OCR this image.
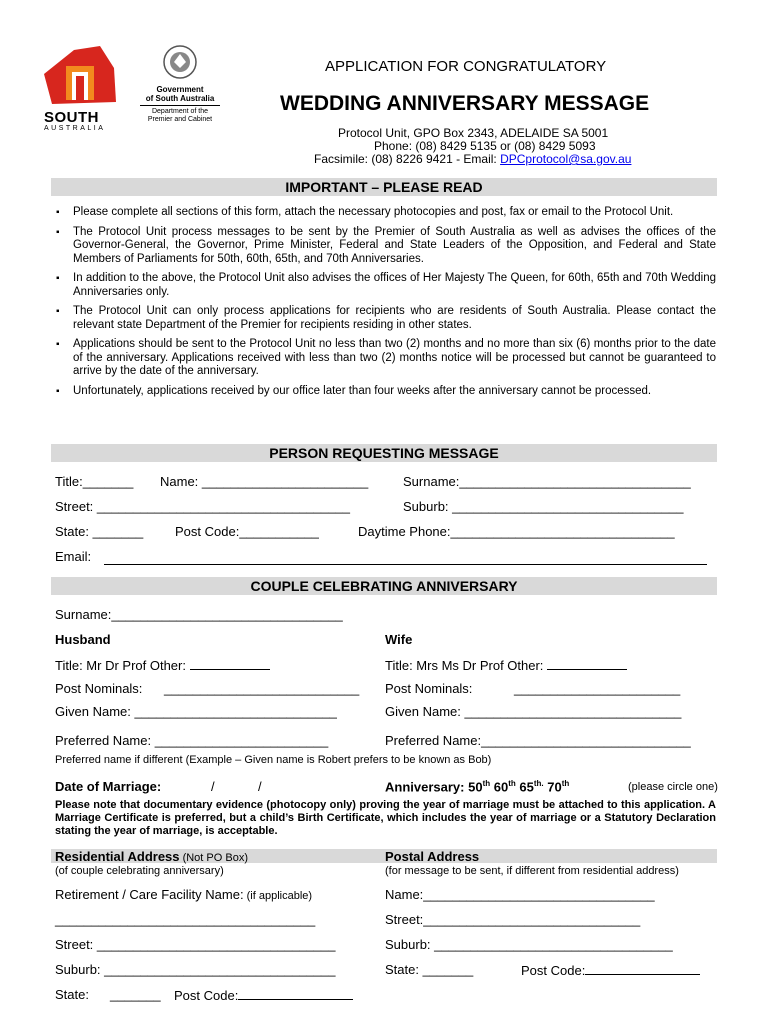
SOUTH
AUSTRALIA
Government
of South Australia
Department of the
Premier and Cabinet
APPLICATION FOR CONGRATULATORY
WEDDING ANNIVERSARY MESSAGE
Protocol Unit, GPO Box 2343, ADELAIDE SA 5001
Phone: (08) 8429 5135 or (08) 8429 5093
Facsimile: (08) 8226 9421 - Email: DPCprotocol@sa.gov.au
IMPORTANT – PLEASE READ
▪ Please complete all sections of this form, attach the necessary photocopies and post, fax or email to the Protocol Unit.
▪ The Protocol Unit process messages to be sent by the Premier of South Australia as well as advises the offices of the Governor-General, the Governor, Prime Minister, Federal and State Leaders of the Opposition, and Federal and State Members of Parliaments for 50th, 60th, 65th, and 70th Anniversaries.
▪ In addition to the above, the Protocol Unit also advises the offices of Her Majesty The Queen, for 60th, 65th and 70th Wedding Anniversaries only.
▪ The Protocol Unit can only process applications for recipients who are residents of South Australia. Please contact the relevant state Department of the Premier for recipients residing in other states.
▪ Applications should be sent to the Protocol Unit no less than two (2) months and no more than six (6) months prior to the date of the anniversary. Applications received with less than two (2) months notice will be processed but cannot be guaranteed to arrive by the date of the anniversary.
▪ Unfortunately, applications received by our office later than four weeks after the anniversary cannot be processed.
PERSON REQUESTING MESSAGE
Title:_______ Name: _______________________	Surname:________________________________
Street: ___________________________________	Suburb: ________________________________
State: _______ Post Code:___________	Daytime Phone:_______________________________
Email:
COUPLE CELEBRATING ANNIVERSARY
Surname:________________________________
Husband	Wife
Title: Mr Dr Prof Other:	Title: Mrs Ms Dr Prof Other:
Post Nominals: ___________________________ Post Nominals:	_______________________
Given Name: ____________________________	Given Name: ______________________________
Preferred Name: ________________________	Preferred Name:_____________________________
Preferred name if different (Example – Given name is Robert prefers to be known as Bob)
Date of Marriage:	/	/	Anniversary: 50th 60th $65^{th.}$ 70th	(please circle one)
Please note that documentary evidence (photocopy only) proving the year of marriage must be attached to this application. A Marriage Certificate is preferred, but a child’s Birth Certificate, which includes the year of marriage or a Statutory Declaration stating the year of marriage, is acceptable.
Residential Address (Not PO Box)
(of couple celebrating anniversary)
Postal Address
(for message to be sent, if different from residential address)
Retirement / Care Facility Name: (if applicable)
____________________________________
Name:________________________________
Street:______________________________
Street: _________________________________	Suburb: _________________________________
Suburb: ________________________________	State: _______	Post Code:
State: _______ Post Code:
